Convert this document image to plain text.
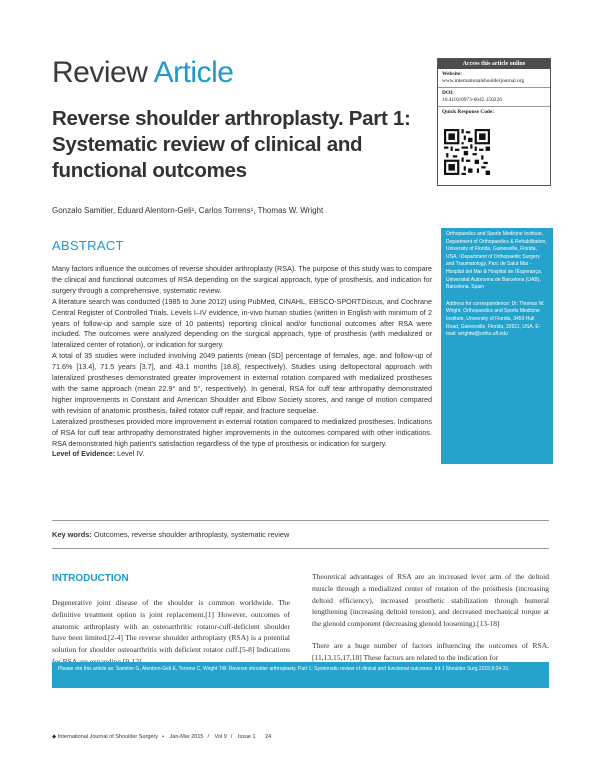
Review Article	Access this article online
Website:
www.internationalshoulderjournal.org
DOI:
10.4103/0973-6042.150226
Quick Response Code:
Reverse shoulder arthroplasty. Part 1: Systematic review of clinical and functional outcomes
Gonzalo Samitier, Eduard Alentorn-Geli¹, Carlos Torrens¹, Thomas W. Wright

Orthopaedics and Sports Medicine Institute, Department of Orthopaedics & Rehabilitation, University of Florida, Gainesville, Florida, USA, ¹Department of Orthopaedic Surgery and Traumatology, Parc de Salut Mar - Hospital del Mar & Hospital de l'Esperança, Universitat Autonoma de Barcelona (UAB), Barcelona, Spain

Address for correspondence: Dr. Thomas W. Wright, Orthopaedics and Sports Medicine Institute, University of Florida, 3450 Hull Road, Gainesville, Florida, 32611, USA. E-mail: wrightw@ortho.ufl.edu

ABSTRACT

Many factors influence the outcomes of reverse shoulder arthroplasty (RSA). The purpose of this study was to compare the clinical and functional outcomes of RSA depending on the surgical approach, type of prosthesis, and indication for surgery through a comprehensive, systematic review.

A literature search was conducted (1985 to June 2012) using PubMed, CINAHL, EBSCO-SPORTDiscus, and Cochrane Central Register of Controlled Trials. Levels I–IV evidence, in-vivo human studies (written in English with minimum of 2 years of follow-up and sample size of 10 patients) reporting clinical and/or functional outcomes after RSA were included. The outcomes were analyzed depending on the surgical approach, type of prosthesis (with medialized or lateralized center of rotation), or indication for surgery.

A total of 35 studies were included involving 2049 patients (mean [SD] percentage of females, age, and follow-up of 71.6% [13.4], 71.5 years [3.7], and 43.1 months [18.8], respectively). Studies using deltopectoral approach with lateralized prostheses demonstrated greater improvement in external rotation compared with medialized prostheses with the same approach (mean 22.9° and 5°, respectively). In general, RSA for cuff tear arthropathy demonstrated higher improvements in Constant and American Shoulder and Elbow Society scores, and range of motion compared with revision of anatomic prosthesis, failed rotator cuff repair, and fracture sequelae.

Lateralized prostheses provided more improvement in external rotation compared to medialized prostheses. Indications of RSA for cuff tear arthropathy demonstrated higher improvements in the outcomes compared with other indications. RSA demonstrated high patient's satisfaction regardless of the type of prosthesis or indication for surgery.

Level of Evidence: Level IV.

Key words: Outcomes, reverse shoulder arthroplasty, systematic review
INTRODUCTION

Degenerative joint disease of the shoulder is common worldwide. The definitive treatment option is joint replacement.[1] However, outcomes of anatomic arthroplasty with an osteoarthritic rotator-cuff-deficient shoulder have been limited.[2-4] The reverse shoulder arthroplasty (RSA) is a potential solution for shoulder osteoarthritis with deficient rotator cuff.[5-8] Indications

Theoretical advantages of RSA are an increased lever arm of the deltoid muscle through a medialized center of rotation of the prosthesis (increasing deltoid efficiency), increased prosthetic stabilization through humeral lengthening (increasing deltoid tension), and decreased mechanical torque at the glenoid component (decreasing glenoid loosening).[13-18]

There are a huge number of factors influencing the outcomes of RSA.[11,13,15,17,18] These factors are related to the indication for

Please cite this article as: Samitier G, Alentorn-Geli E, Torrens C, Wright TW. Reverse shoulder arthroplasty. Part 1: Systematic review of clinical and functional outcomes. Int J Shoulder Surg 2015;9:24-31.
◆ International Journal of Shoulder Surgery • Jan-Mar 2015 / Vol 9 / Issue 1 24
